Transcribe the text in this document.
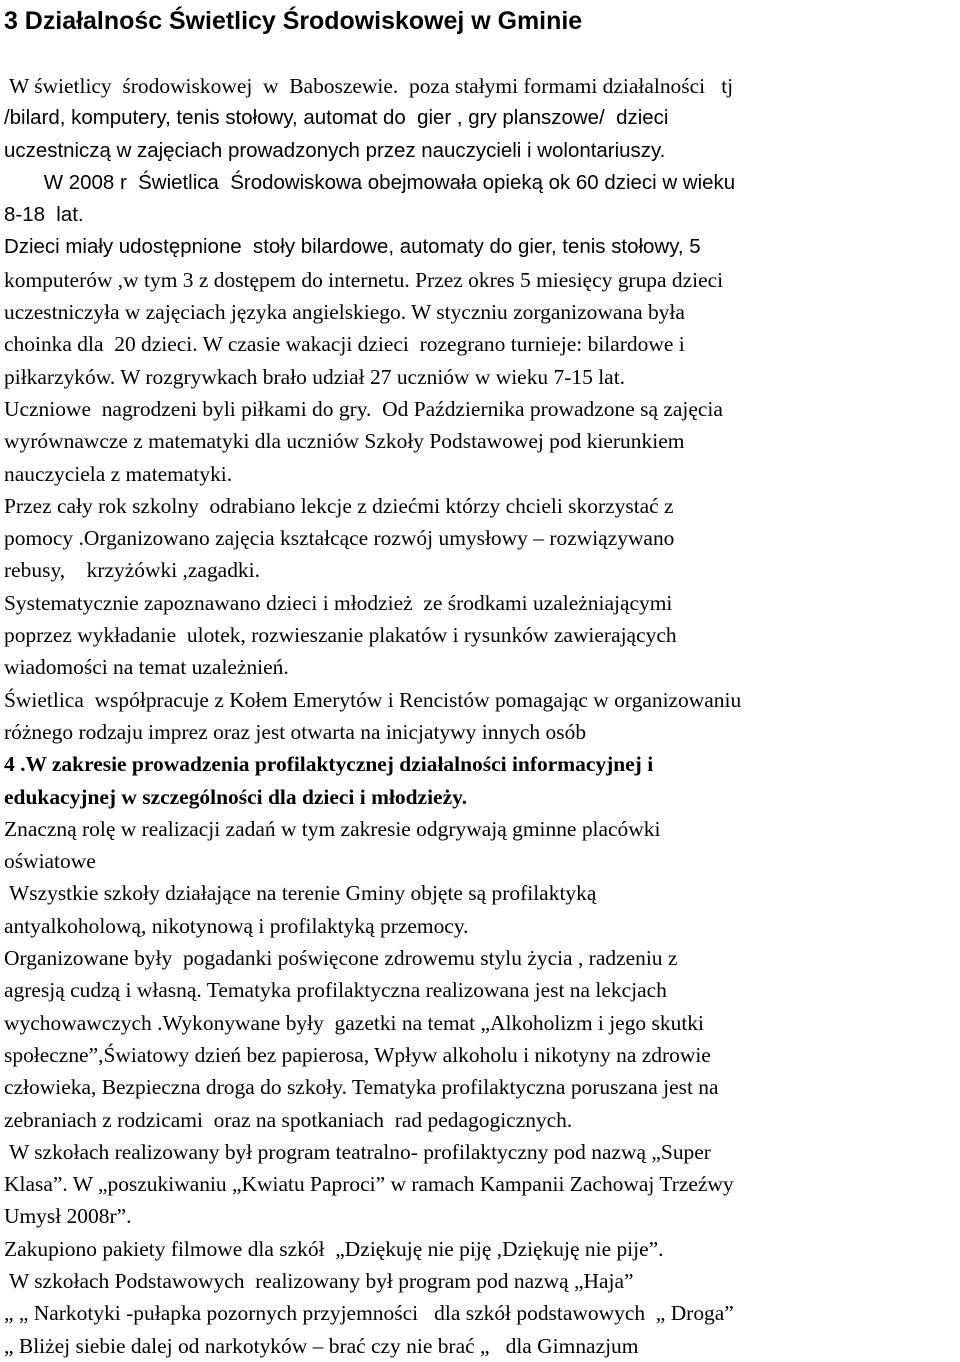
3 Działalnośc Świetlicy Środowiskowej w Gminie
W świetlicy  środowiskowej  w  Baboszewie.  poza stałymi formami działalności   tj
/bilard, komputery, tenis stołowy, automat do  gier , gry planszowe/  dzieci
uczestniczą w zajęciach prowadzonych przez nauczycieli i wolontariuszy.
W 2008 r  Świetlica  Środowiskowa obejmowała opieką ok 60 dzieci w wieku
8-18  lat.
Dzieci miały udostępnione  stoły bilardowe, automaty do gier, tenis stołowy, 5
komputerów ,w tym 3 z dostępem do internetu. Przez okres 5 miesięcy grupa dzieci
uczestniczyła w zajęciach języka angielskiego. W styczniu zorganizowana była
choinka dla  20 dzieci. W czasie wakacji dzieci  rozegrano turnieje: bilardowe i
piłkarzyków. W rozgrywkach brało udział 27 uczniów w wieku 7-15 lat.
Uczniowe  nagrodzeni byli piłkami do gry.  Od Października prowadzone są zajęcia
wyrównawcze z matematyki dla uczniów Szkoły Podstawowej pod kierunkiem
nauczyciela z matematyki.
Przez cały rok szkolny  odrabiano lekcje z dziećmi którzy chcieli skorzystać z
pomocy .Organizowano zajęcia kształcące rozwój umysłowy – rozwiązywano
rebusy,    krzyżówki ,zagadki.
Systematycznie zapoznawano dzieci i młodzież  ze środkami uzależniającymi
poprzez wykładanie  ulotek, rozwieszanie plakatów i rysunków zawierających
wiadomości na temat uzależnień.
Świetlica  współpracuje z Kołem Emerytów i Rencistów pomagając w organizowaniu
różnego rodzaju imprez oraz jest otwarta na inicjatywy innych osób
4 .W zakresie prowadzenia profilaktycznej działalności informacyjnej i
edukacyjnej w szczególności dla dzieci i młodzieży.
Znaczną rolę w realizacji zadań w tym zakresie odgrywają gminne placówki
oświatowe
Wszystkie szkoły działające na terenie Gminy objęte są profilaktyką
antyalkoholową, nikotynową i profilaktyką przemocy.
Organizowane były  pogadanki poświęcone zdrowemu stylu życia , radzeniu z
agresją cudzą i własną. Tematyka profilaktyczna realizowana jest na lekcjach
wychowawczych .Wykonywane były  gazetki na temat „Alkoholizm i jego skutki
społeczne”,Światowy dzień bez papierosa, Wpływ alkoholu i nikotyny na zdrowie
człowieka, Bezpieczna droga do szkoły. Tematyka profilaktyczna poruszana jest na
zebraniach z rodzicami  oraz na spotkaniach  rad pedagogicznych.
W szkołach realizowany był program teatralno- profilaktyczny pod nazwą „Super
Klasa”. W „poszukiwaniu „Kwiatu Paproci” w ramach Kampanii Zachowaj Trzeźwy
Umysł 2008r”.
Zakupiono pakiety filmowe dla szkół  „Dziękuję nie piję ,Dziękuję nie pije”.
W szkołach Podstawowych  realizowany był program pod nazwą „Haja”
„ „ Narkotyki -pułapka pozornych przyjemności   dla szkół podstawowych  „ Droga”
„ Bliżej siebie dalej od narkotyków – brać czy nie brać „   dla Gimnazjum
